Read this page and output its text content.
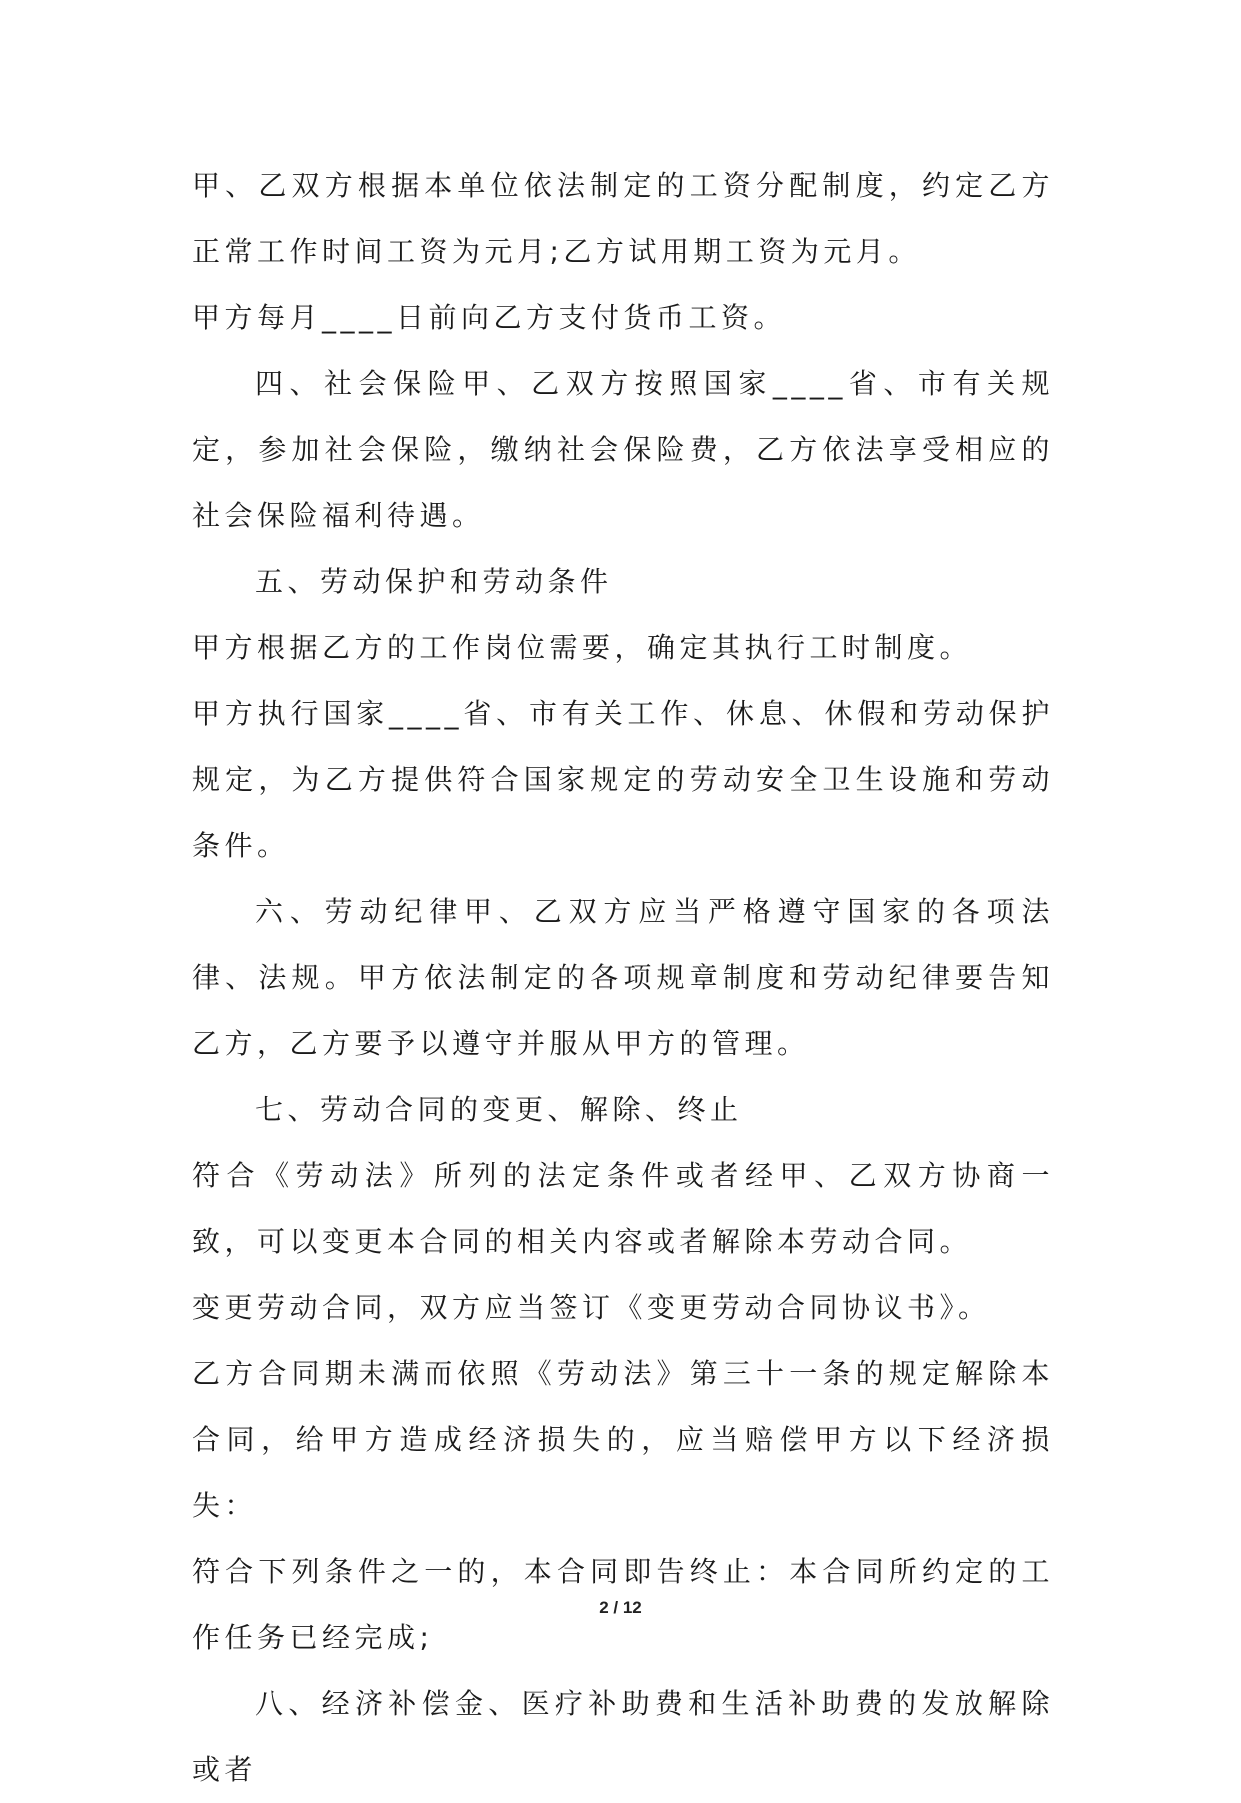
甲、乙双方根据本单位依法制定的工资分配制度，约定乙方正常工作时间工资为元月;乙方试用期工资为元月。

甲方每月____日前向乙方支付货币工资。

四、社会保险甲、乙双方按照国家____省、市有关规定，参加社会保险，缴纳社会保险费，乙方依法享受相应的社会保险福利待遇。

五、劳动保护和劳动条件

甲方根据乙方的工作岗位需要，确定其执行工时制度。

甲方执行国家____省、市有关工作、休息、休假和劳动保护规定，为乙方提供符合国家规定的劳动安全卫生设施和劳动条件。

六、劳动纪律甲、乙双方应当严格遵守国家的各项法律、法规。甲方依法制定的各项规章制度和劳动纪律要告知乙方，乙方要予以遵守并服从甲方的管理。

七、劳动合同的变更、解除、终止

符合《劳动法》所列的法定条件或者经甲、乙双方协商一致，可以变更本合同的相关内容或者解除本劳动合同。

变更劳动合同，双方应当签订《变更劳动合同协议书》。

乙方合同期未满而依照《劳动法》第三十一条的规定解除本合同，给甲方造成经济损失的，应当赔偿甲方以下经济损失：

符合下列条件之一的，本合同即告终止：本合同所约定的工作任务已经完成;

八、经济补偿金、医疗补助费和生活补助费的发放解除或者

2 / 12
